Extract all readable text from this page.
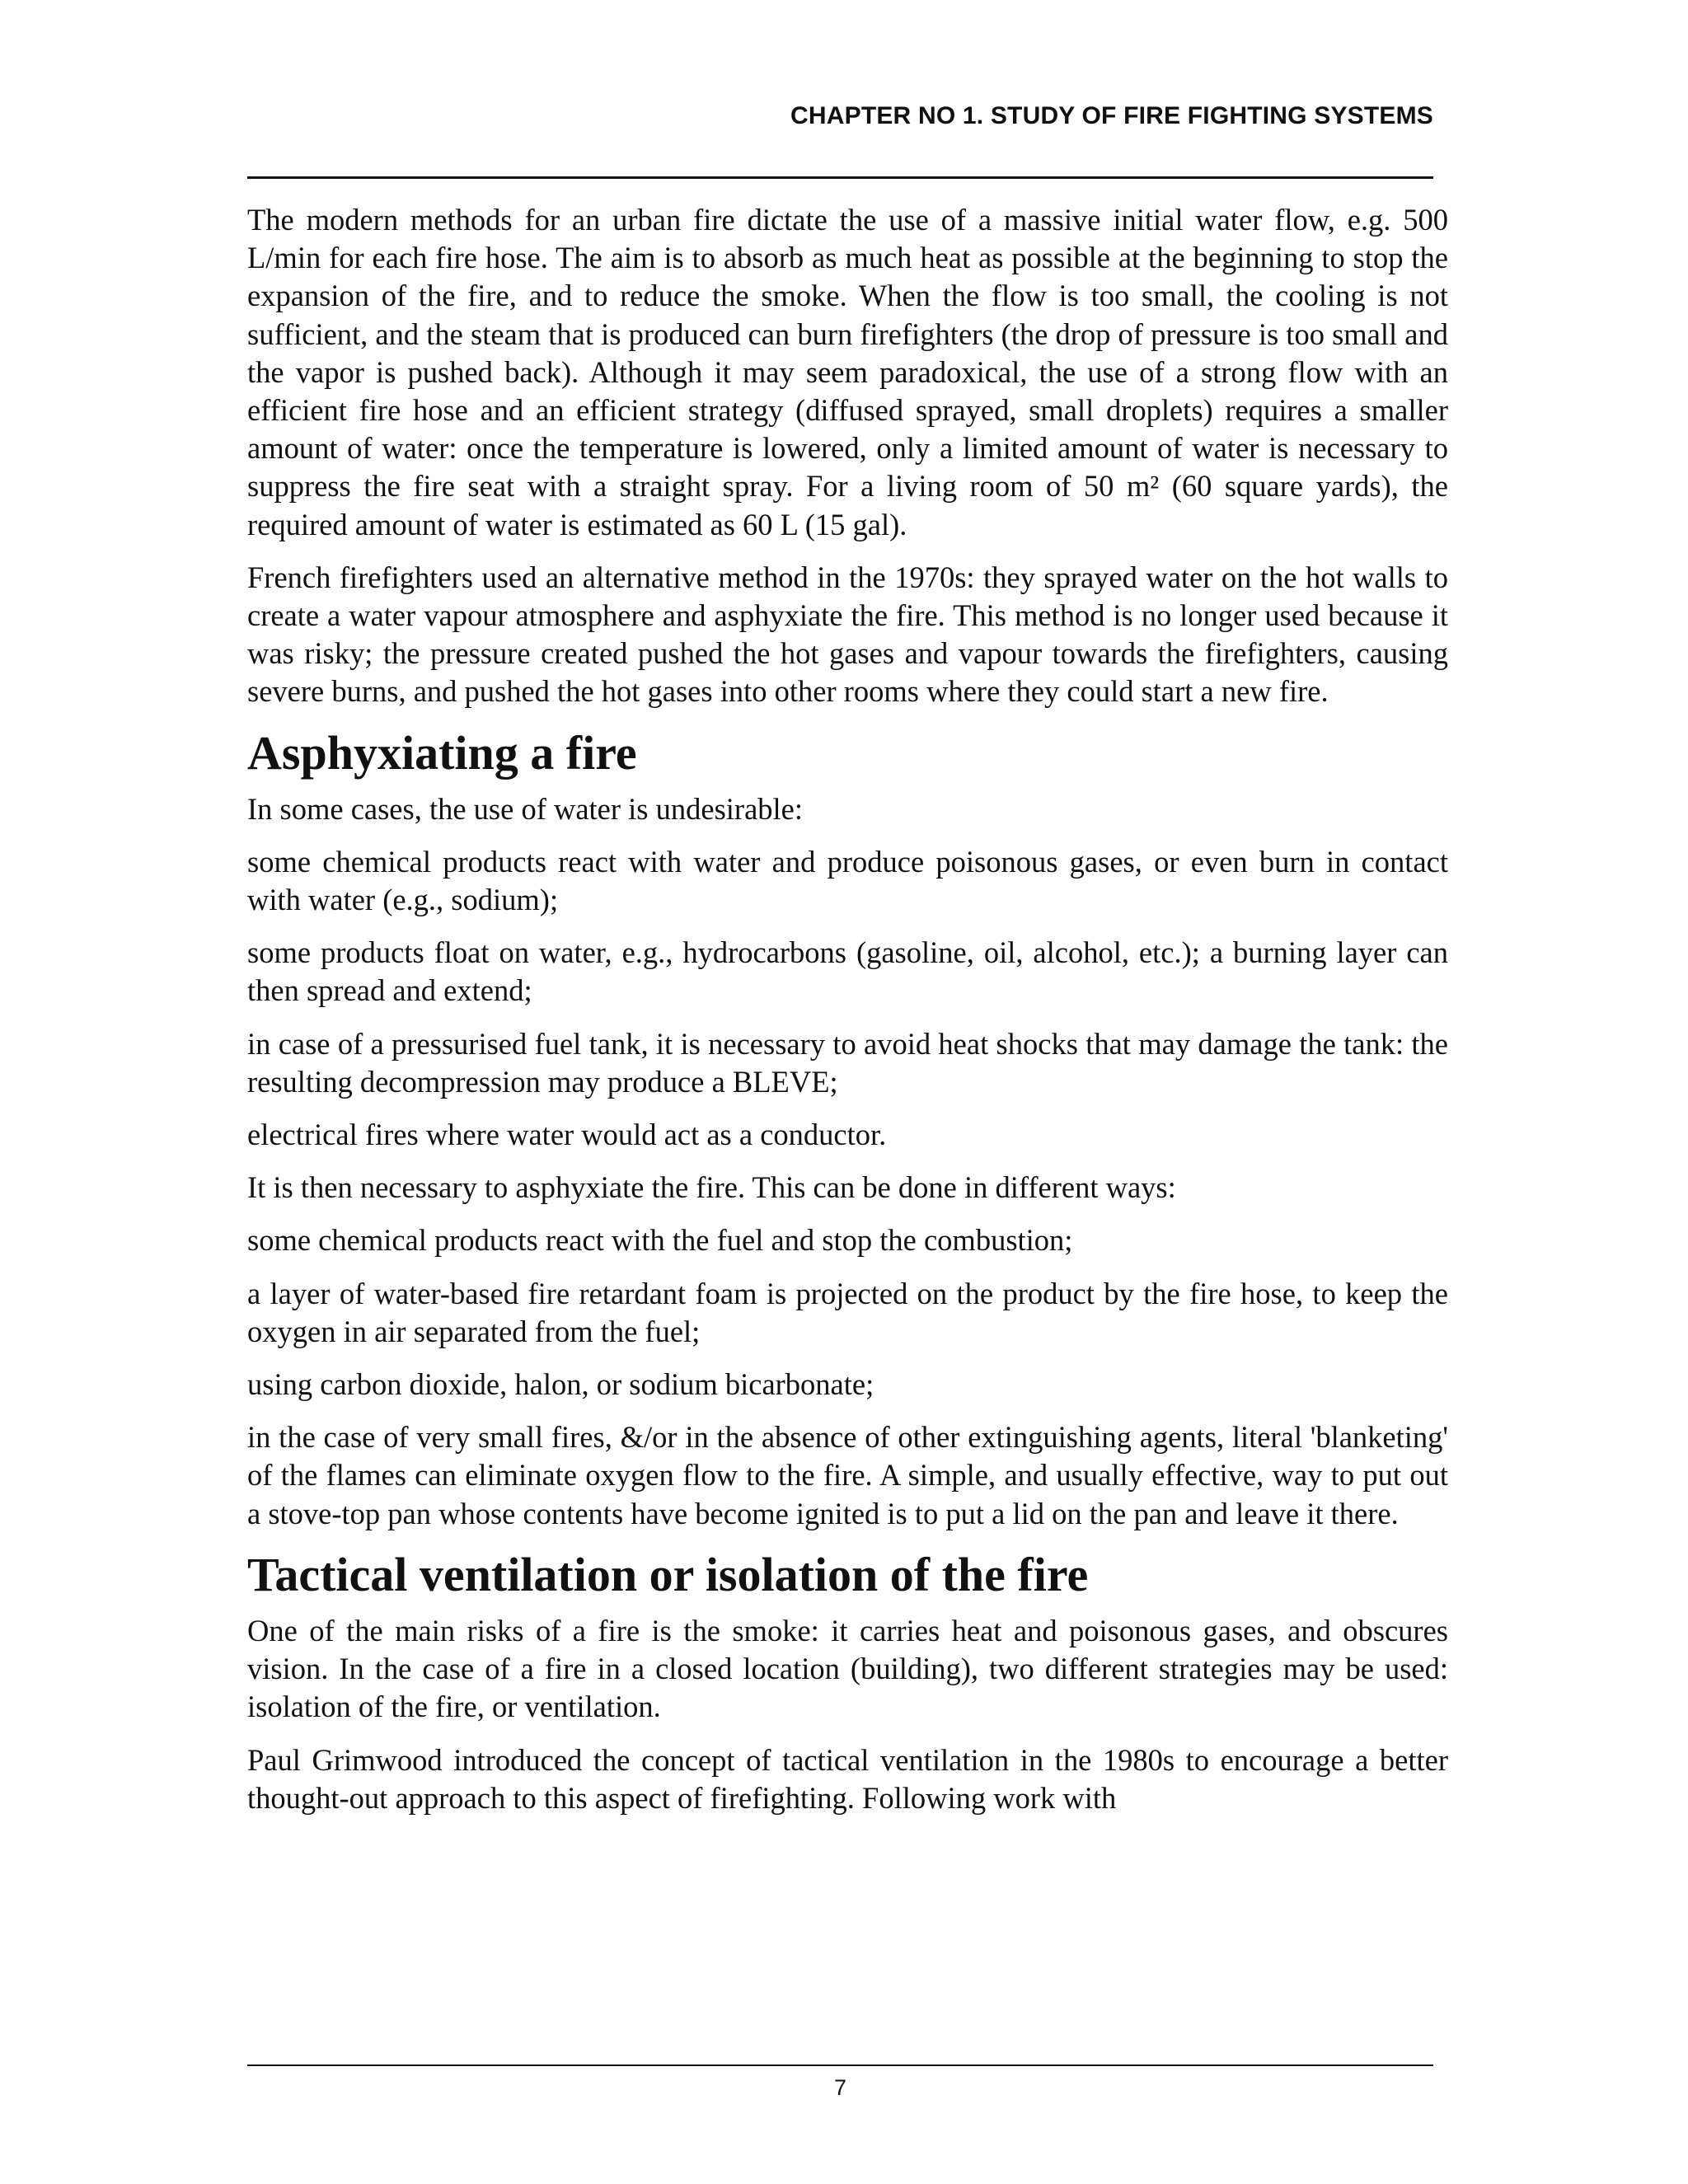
CHAPTER NO 1. STUDY OF FIRE FIGHTING SYSTEMS

The modern methods for an urban fire dictate the use of a massive initial water flow, e.g. 500 L/min for each fire hose. The aim is to absorb as much heat as possible at the beginning to stop the expansion of the fire, and to reduce the smoke. When the flow is too small, the cooling is not sufficient, and the steam that is produced can burn firefighters (the drop of pressure is too small and the vapor is pushed back). Although it may seem paradoxical, the use of a strong flow with an efficient fire hose and an efficient strategy (diffused sprayed, small droplets) requires a smaller amount of water: once the temperature is lowered, only a limited amount of water is necessary to suppress the fire seat with a straight spray. For a living room of 50 m² (60 square yards), the required amount of water is estimated as 60 L (15 gal).

French firefighters used an alternative method in the 1970s: they sprayed water on the hot walls to create a water vapour atmosphere and asphyxiate the fire. This method is no longer used because it was risky; the pressure created pushed the hot gases and vapour towards the firefighters, causing severe burns, and pushed the hot gases into other rooms where they could start a new fire.

Asphyxiating a fire

In some cases, the use of water is undesirable:

some chemical products react with water and produce poisonous gases, or even burn in contact with water (e.g., sodium);

some products float on water, e.g., hydrocarbons (gasoline, oil, alcohol, etc.); a burning layer can then spread and extend;

in case of a pressurised fuel tank, it is necessary to avoid heat shocks that may damage the tank: the resulting decompression may produce a BLEVE;

electrical fires where water would act as a conductor.

It is then necessary to asphyxiate the fire. This can be done in different ways:

some chemical products react with the fuel and stop the combustion;

a layer of water-based fire retardant foam is projected on the product by the fire hose, to keep the oxygen in air separated from the fuel;

using carbon dioxide, halon, or sodium bicarbonate;

in the case of very small fires, &/or in the absence of other extinguishing agents, literal 'blanketing' of the flames can eliminate oxygen flow to the fire. A simple, and usually effective, way to put out a stove-top pan whose contents have become ignited is to put a lid on the pan and leave it there.

Tactical ventilation or isolation of the fire

One of the main risks of a fire is the smoke: it carries heat and poisonous gases, and obscures vision. In the case of a fire in a closed location (building), two different strategies may be used: isolation of the fire, or ventilation.

Paul Grimwood introduced the concept of tactical ventilation in the 1980s to encourage a better thought-out approach to this aspect of firefighting. Following work with

7
